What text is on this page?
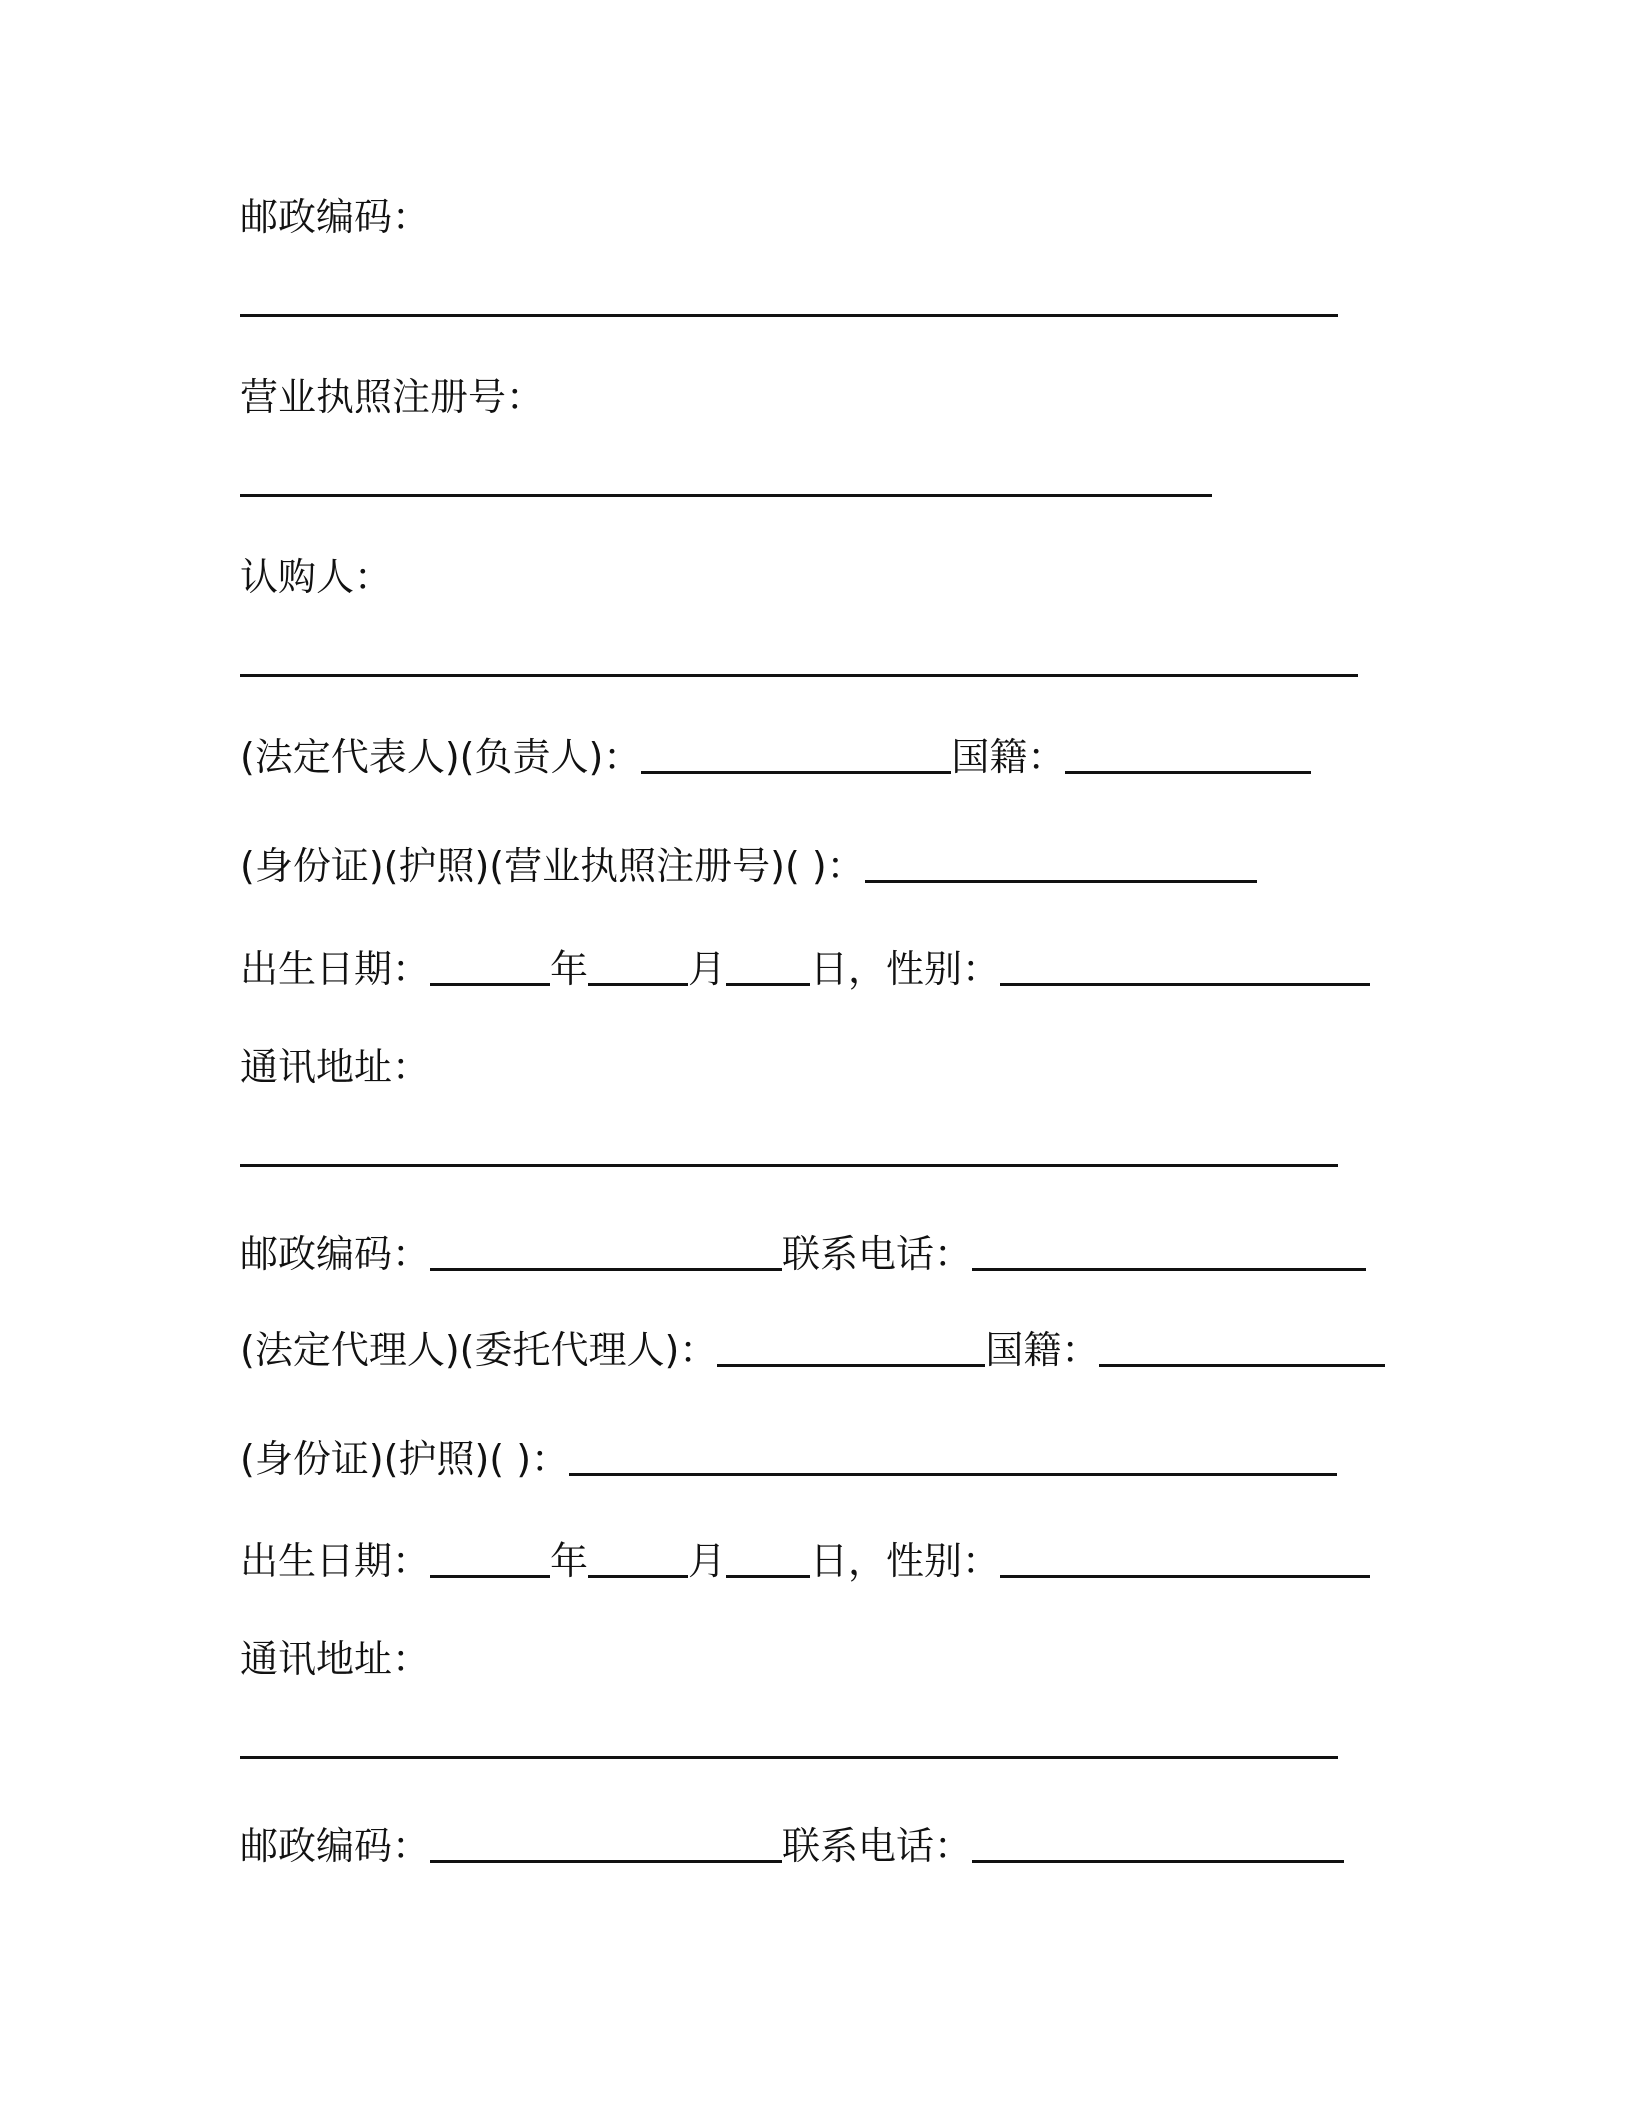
邮政编码：
营业执照注册号：
认购人：
(法定代表人)(负责人)：	国籍：
(身份证)(护照)(营业执照注册号)( )：
出生日期：	年	月 日，性别：
通讯地址：
邮政编码：	联系电话：
(法定代理人)(委托代理人)：	国籍：
(身份证)(护照)( )：
出生日期：	年	月 日，性别：
通讯地址：
邮政编码：	联系电话：
